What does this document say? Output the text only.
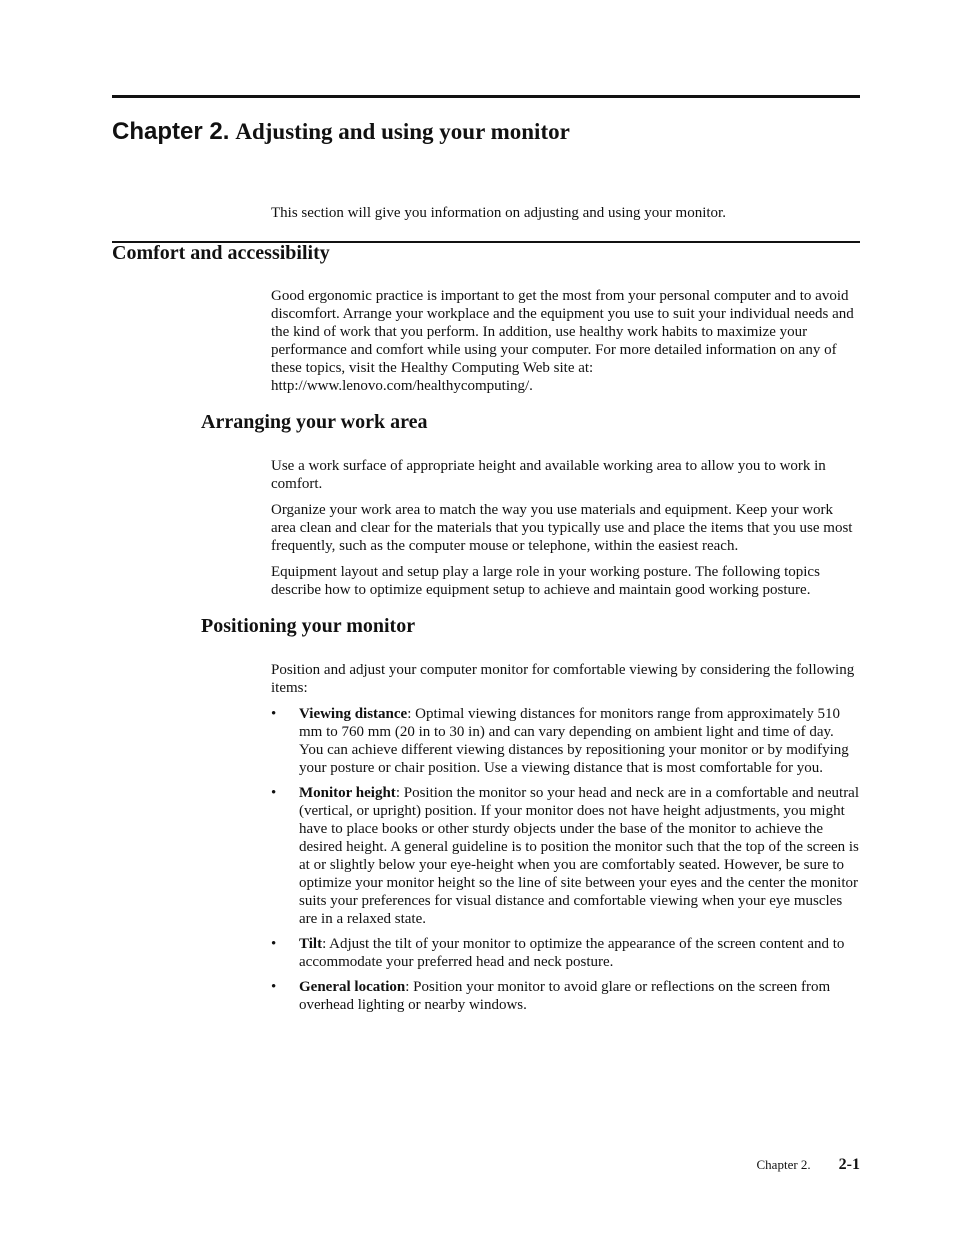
Chapter 2. Adjusting and using your monitor
This section will give you information on adjusting and using your monitor.
Comfort and accessibility

Good ergonomic practice is important to get the most from your personal computer and to avoid discomfort. Arrange your workplace and the equipment you use to suit your individual needs and the kind of work that you perform. In addition, use healthy work habits to maximize your performance and comfort while using your computer. For more detailed information on any of these topics, visit the Healthy Computing Web site at:
http://www.lenovo.com/healthycomputing/.

Arranging your work area

Use a work surface of appropriate height and available working area to allow you to work in comfort.

Organize your work area to match the way you use materials and equipment. Keep your work area clean and clear for the materials that you typically use and place the items that you use most frequently, such as the computer mouse or telephone, within the easiest reach.

Equipment layout and setup play a large role in your working posture. The following topics describe how to optimize equipment setup to achieve and maintain good working posture.

Positioning your monitor

Position and adjust your computer monitor for comfortable viewing by considering the following items:

• Viewing distance: Optimal viewing distances for monitors range from approximately 510 mm to 760 mm (20 in to 30 in) and can vary depending on ambient light and time of day. You can achieve different viewing distances by repositioning your monitor or by modifying your posture or chair position. Use a viewing distance that is most comfortable for you.
• Monitor height: Position the monitor so your head and neck are in a comfortable and neutral (vertical, or upright) position. If your monitor does not have height adjustments, you might have to place books or other sturdy objects under the base of the monitor to achieve the desired height. A general guideline is to position the monitor such that the top of the screen is at or slightly below your eye-height when you are comfortably seated. However, be sure to optimize your monitor height so the line of site between your eyes and the center the monitor suits your preferences for visual distance and comfortable viewing when your eye muscles are in a relaxed state.
• Tilt: Adjust the tilt of your monitor to optimize the appearance of the screen content and to accommodate your preferred head and neck posture.
• General location: Position your monitor to avoid glare or reflections on the screen from overhead lighting or nearby windows.
Chapter 2. 2-1
